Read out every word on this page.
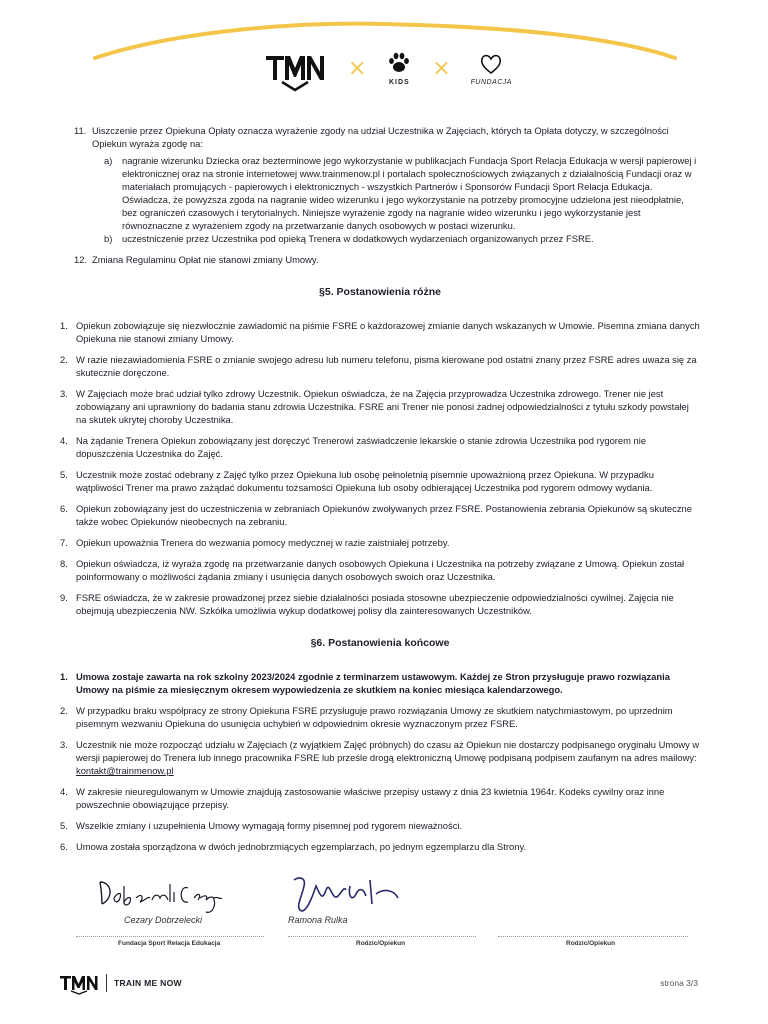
×
KIDS
×
FUNDACJA
11. Uiszczenie przez Opiekuna Opłaty oznacza wyrażenie zgody na udział Uczestnika w Zajęciach, których ta Opłata dotyczy, w szczególności Opiekun wyraża zgodę na:
a) nagranie wizerunku Dziecka oraz bezterminowe jego wykorzystanie w publikacjach Fundacja Sport Relacja Edukacja w wersji papierowej i elektronicznej oraz na stronie internetowej www.trainmenow.pl i portalach społecznościowych związanych z działalnością Fundacji oraz w materiałach promujących - papierowych i elektronicznych - wszystkich Partnerów i Sponsorów Fundacji Sport Relacja Edukacja. Oświadcza, że powyższa zgoda na nagranie wideo wizerunku i jego wykorzystanie na potrzeby promocyjne udzielona jest nieodpłatnie, bez ograniczeń czasowych i terytorialnych. Niniejsze wyrażenie zgody na nagranie wideo wizerunku i jego wykorzystanie jest równoznaczne z wyrażeniem zgody na przetwarzanie danych osobowych w postaci wizerunku.
b) uczestniczenie przez Uczestnika pod opieką Trenera w dodatkowych wydarzeniach organizowanych przez FSRE.
12. Zmiana Regulaminu Opłat nie stanowi zmiany Umowy.
§5. Postanowienia różne
1. Opiekun zobowiązuje się niezwłocznie zawiadomić na piśmie FSRE o każdorazowej zmianie danych wskazanych w Umowie. Pisemna zmiana danych Opiekuna nie stanowi zmiany Umowy.
2. W razie niezawiadomienia FSRE o zmianie swojego adresu lub numeru telefonu, pisma kierowane pod ostatni znany przez FSRE adres uważa się za skutecznie doręczone.
3. W Zajęciach może brać udział tylko zdrowy Uczestnik. Opiekun oświadcza, że na Zajęcia przyprowadza Uczestnika zdrowego. Trener nie jest zobowiązany ani uprawniony do badania stanu zdrowia Uczestnika. FSRE ani Trener nie ponosi żadnej odpowiedzialności z tytułu szkody powstałej na skutek ukrytej choroby Uczestnika.
4. Na żądanie Trenera Opiekun zobowiązany jest doręczyć Trenerowi zaświadczenie lekarskie o stanie zdrowia Uczestnika pod rygorem nie dopuszczenia Uczestnika do Zajęć.
5. Uczestnik może zostać odebrany z Zajęć tylko przez Opiekuna lub osobę pełnoletnią pisemnie upoważnioną przez Opiekuna. W przypadku wątpliwości Trener ma prawo zażądać dokumentu tożsamości Opiekuna lub osoby odbierającej Uczestnika pod rygorem odmowy wydania.
6. Opiekun zobowiązany jest do uczestniczenia w zebraniach Opiekunów zwoływanych przez FSRE. Postanowienia zebrania Opiekunów są skuteczne także wobec Opiekunów nieobecnych na zebraniu.
7. Opiekun upoważnia Trenera do wezwania pomocy medycznej w razie zaistniałej potrzeby.
8. Opiekun oświadcza, iż wyraża zgodę na przetwarzanie danych osobowych Opiekuna i Uczestnika na potrzeby związane z Umową. Opiekun został poinformowany o możliwości żądania zmiany i usunięcia danych osobowych swoich oraz Uczestnika.
9. FSRE oświadcza, że w zakresie prowadzonej przez siebie działalności posiada stosowne ubezpieczenie odpowiedzialności cywilnej. Zajęcia nie obejmują ubezpieczenia NW. Szkółka umożliwia wykup dodatkowej polisy dla zainteresowanych Uczestników.
§6. Postanowienia końcowe
1. Umowa zostaje zawarta na rok szkolny 2023/2024 zgodnie z terminarzem ustawowym. Każdej ze Stron przysługuje prawo rozwiązania Umowy na piśmie za miesięcznym okresem wypowiedzenia ze skutkiem na koniec miesiąca kalendarzowego.
2. W przypadku braku współpracy ze strony Opiekuna FSRE przysługuje prawo rozwiązania Umowy ze skutkiem natychmiastowym, po uprzednim pisemnym wezwaniu Opiekuna do usunięcia uchybień w odpowiednim okresie wyznaczonym przez FSRE.
3. Uczestnik nie może rozpocząć udziału w Zajęciach (z wyjątkiem Zajęć próbnych) do czasu aż Opiekun nie dostarczy podpisanego oryginału Umowy w wersji papierowej do Trenera lub innego pracownika FSRE lub prześle drogą elektroniczną Umowę podpisaną podpisem zaufanym na adres mailowy: kontakt@trainmenow.pl
4. W zakresie nieuregulowanym w Umowie znajdują zastosowanie właściwe przepisy ustawy z dnia 23 kwietnia 1964r. Kodeks cywilny oraz inne powszechnie obowiązujące przepisy.
5. Wszelkie zmiany i uzupełnienia Umowy wymagają formy pisemnej pod rygorem nieważności.
6. Umowa została sporządzona w dwóch jednobrzmiących egzemplarzach, po jednym egzemplarzu dla Strony.
Cezary Dobrzelecki	Ramona Rulka
Fundacja Sport Relacja Edukacja	Rodzic/Opiekun	Rodzic/Opiekun
TRAIN ME NOW	strona 3/3
